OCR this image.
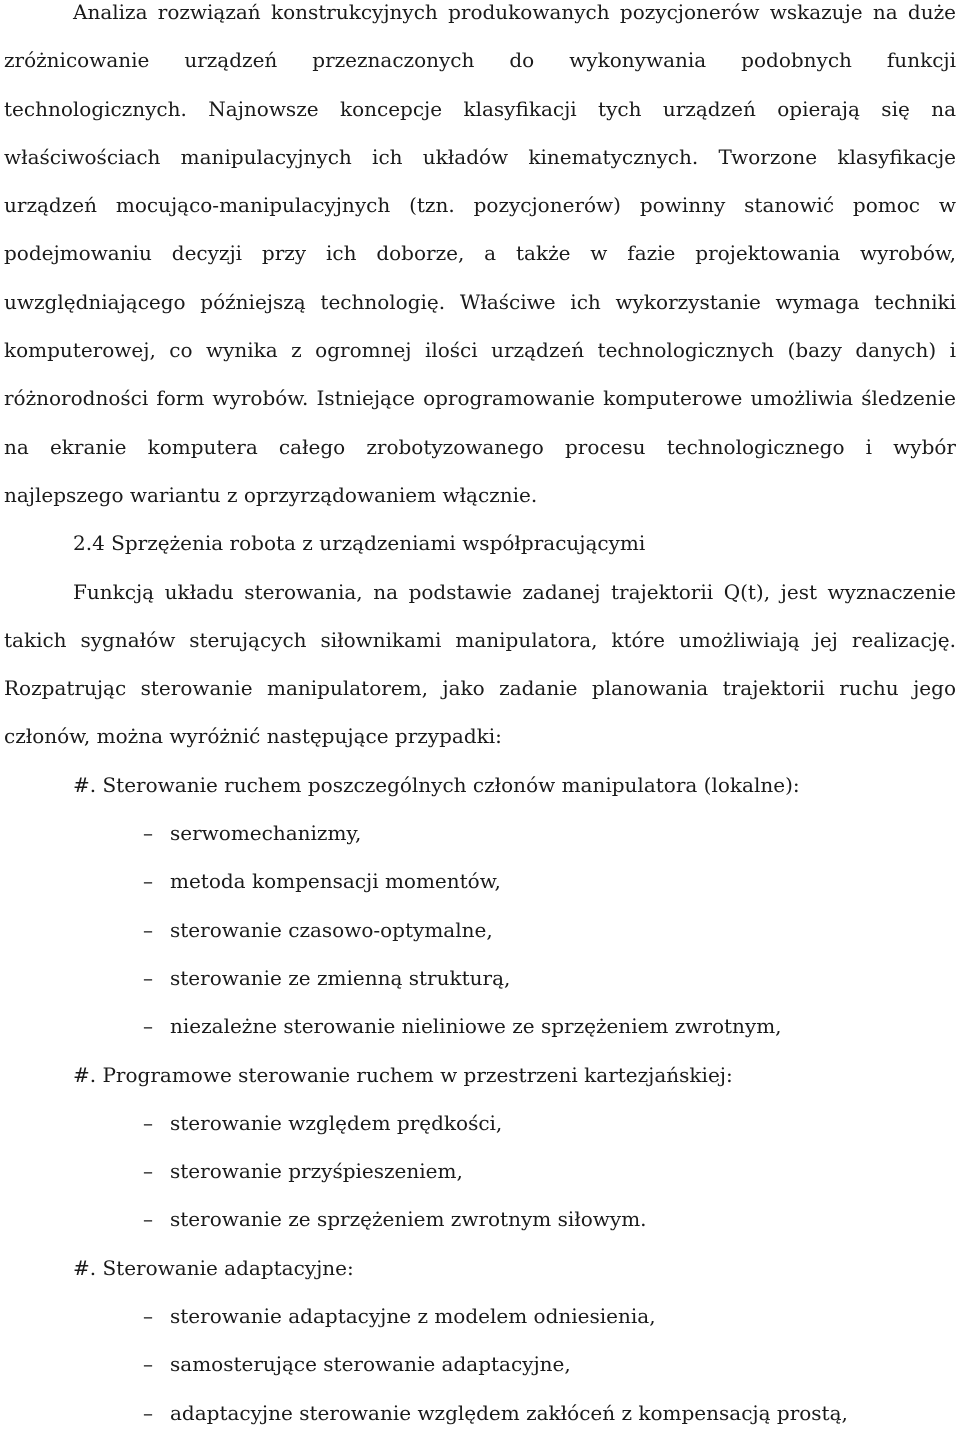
Analiza rozwiązań konstrukcyjnych produkowanych pozycjonerów wskazuje na duże zróżnicowanie urządzeń przeznaczonych do wykonywania podobnych funkcji technologicznych. Najnowsze koncepcje klasyfikacji tych urządzeń opierają się na właściwościach manipulacyjnych ich układów kinematycznych. Tworzone klasyfikacje urządzeń mocująco-manipulacyjnych (tzn. pozycjonerów) powinny stanowić pomoc w podejmowaniu decyzji przy ich doborze, a także w fazie projektowania wyrobów, uwzględniającego późniejszą technologię. Właściwe ich wykorzystanie wymaga techniki komputerowej, co wynika z ogromnej ilości urządzeń technologicznych (bazy danych) i różnorodności form wyrobów. Istniejące oprogramowanie komputerowe umożliwia śledzenie na ekranie komputera całego zrobotyzowanego procesu technologicznego i wybór najlepszego wariantu z oprzyrządowaniem włącznie.

2.4 Sprzężenia robota z urządzeniami współpracującymi

Funkcją układu sterowania, na podstawie zadanej trajektorii Q(t), jest wyznaczenie takich sygnałów sterujących siłownikami manipulatora, które umożliwiają jej realizację. Rozpatrując sterowanie manipulatorem, jako zadanie planowania trajektorii ruchu jego członów, można wyróżnić następujące przypadki:

#. Sterowanie ruchem poszczególnych członów manipulatora (lokalne):

– serwomechanizmy,
– metoda kompensacji momentów,
– sterowanie czasowo-optymalne,
– sterowanie ze zmienną strukturą,
– niezależne sterowanie nieliniowe ze sprzężeniem zwrotnym,

#. Programowe sterowanie ruchem w przestrzeni kartezjańskiej:

– sterowanie względem prędkości,
– sterowanie przyśpieszeniem,
– sterowanie ze sprzężeniem zwrotnym siłowym.

#. Sterowanie adaptacyjne:

– sterowanie adaptacyjne z modelem odniesienia,
– samosterujące sterowanie adaptacyjne,
– adaptacyjne sterowanie względem zakłóceń z kompensacją prostą,
